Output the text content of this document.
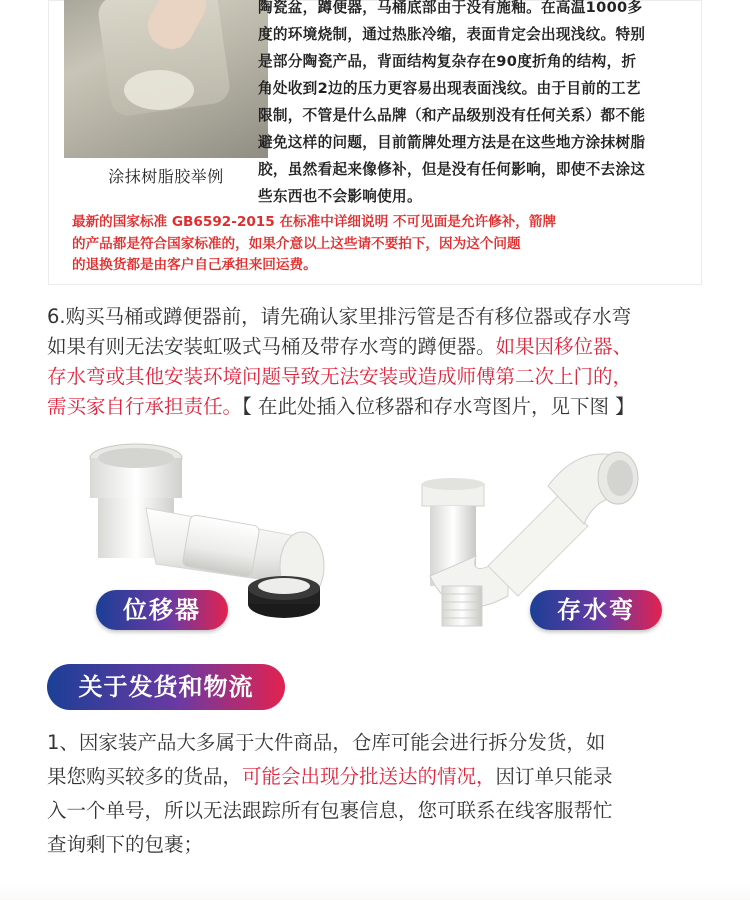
涂抹树脂胶举例

陶瓷盆，蹲便器，马桶底部由于没有施釉。在高温1000多

度的环境烧制，通过热胀冷缩，表面肯定会出现浅纹。特别

是部分陶瓷产品，背面结构复杂存在90度折角的结构，折

角处收到2边的压力更容易出现表面浅纹。由于目前的工艺

限制，不管是什么品牌（和产品级别没有任何关系）都不能

避免这样的问题，目前箭牌处理方法是在这些地方涂抹树脂

胶，虽然看起来像修补，但是没有任何影响，即使不去涂这

些东西也不会影响使用。

最新的国家标准 GB6592-2015 在标准中详细说明 不可见面是允许修补，箭牌

的产品都是符合国家标准的，如果介意以上这些请不要拍下，因为这个问题

的退换货都是由客户自己承担来回运费。

6.购买马桶或蹲便器前，请先确认家里排污管是否有移位器或存水弯

如果有则无法安装虹吸式马桶及带存水弯的蹲便器。如果因移位器、

存水弯或其他安装环境问题导致无法安装或造成师傅第二次上门的，

需买家自行承担责任。【 在此处插入位移器和存水弯图片，见下图 】

位移器	存水弯
关于发货和物流

1、因家装产品大多属于大件商品，仓库可能会进行拆分发货，如

果您购买较多的货品，可能会出现分批送达的情况，因订单只能录

入一个单号，所以无法跟踪所有包裹信息，您可联系在线客服帮忙

查询剩下的包裹；
